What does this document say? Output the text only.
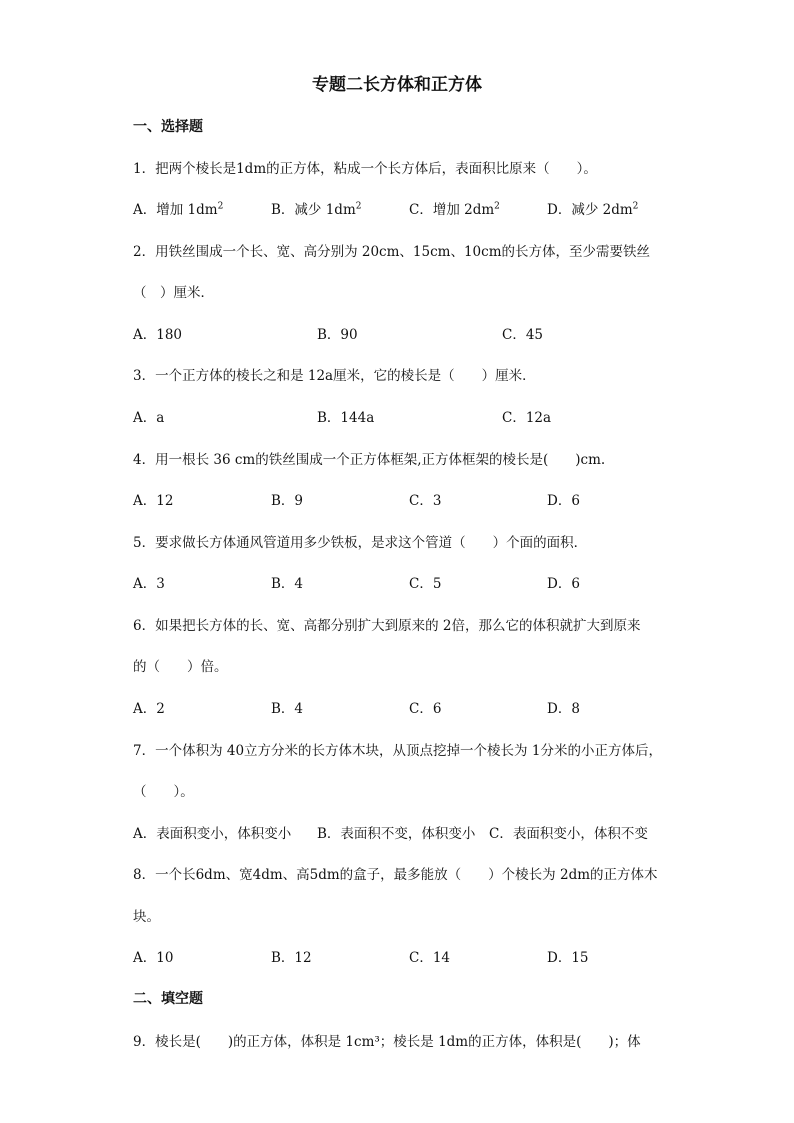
专题二长方体和正方体
一、选择题
1．把两个棱长是1dm的正方体，粘成一个长方体后，表面积比原来（　　）。
A．增加 $1dm^2$	B．减少 $1dm^2$	C．增加 $2dm^2$	D．减少 $2dm^2$
2．用铁丝围成一个长、宽、高分别为 20cm、15cm、10cm的长方体，至少需要铁丝
（　）厘米．
A．180	B．90	C．45
3．一个正方体的棱长之和是 12a厘米，它的棱长是（　　）厘米．
A．a	B．144a	C．12a
4．用一根长 36 cm的铁丝围成一个正方体框架,正方体框架的棱长是(　　)cm.
A．12	B．9	C．3	D．6
5．要求做长方体通风管道用多少铁板，是求这个管道（　　）个面的面积．
A．3	B．4	C．5	D．6
6．如果把长方体的长、宽、高都分别扩大到原来的 2倍，那么它的体积就扩大到原来
的（　　）倍。
A．2	B．4	C．6	D．8
7．一个体积为 40立方分米的长方体木块，从顶点挖掉一个棱长为 1分米的小正方体后，
（　　）。
A．表面积变小，体积变小 B．表面积不变，体积变小 C．表面积变小，体积不变
8．一个长6dm、宽4dm、高5dm的盒子，最多能放（　　）个棱长为 2dm的正方体木
块。
A．10	B．12	C．14	D．15
二、填空题
9．棱长是(　　)的正方体，体积是 1cm³；棱长是 1dm的正方体，体积是(　　)；体
